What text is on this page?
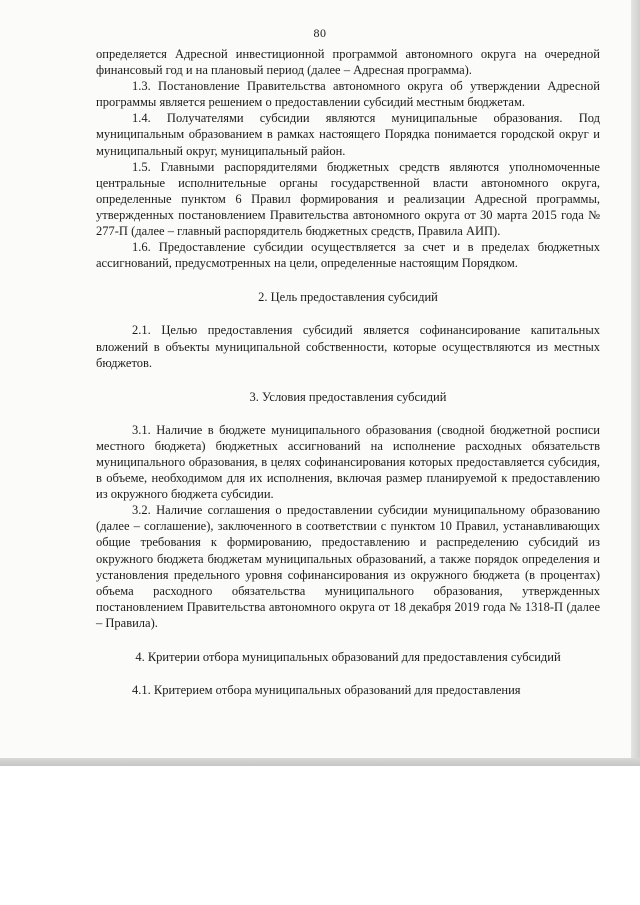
80

определяется Адресной инвестиционной программой автономного округа на очередной финансовый год и на плановый период (далее – Адресная программа).

1.3. Постановление Правительства автономного округа об утверждении Адресной программы является решением о предоставлении субсидий местным бюджетам.

1.4. Получателями субсидии являются муниципальные образования. Под муниципальным образованием в рамках настоящего Порядка понимается городской округ и муниципальный округ, муниципальный район.

1.5. Главными распорядителями бюджетных средств являются уполномоченные центральные исполнительные органы государственной власти автономного округа, определенные пунктом 6 Правил формирования и реализации Адресной программы, утвержденных постановлением Правительства автономного округа от 30 марта 2015 года № 277-П (далее – главный распорядитель бюджетных средств, Правила АИП).

1.6. Предоставление субсидии осуществляется за счет и в пределах бюджетных ассигнований, предусмотренных на цели, определенные настоящим Порядком.

2. Цель предоставления субсидий

2.1. Целью предоставления субсидий является софинансирование капитальных вложений в объекты муниципальной собственности, которые осуществляются из местных бюджетов.

3. Условия предоставления субсидий

3.1. Наличие в бюджете муниципального образования (сводной бюджетной росписи местного бюджета) бюджетных ассигнований на исполнение расходных обязательств муниципального образования, в целях софинансирования которых предоставляется субсидия, в объеме, необходимом для их исполнения, включая размер планируемой к предоставлению из окружного бюджета субсидии.

3.2. Наличие соглашения о предоставлении субсидии муниципальному образованию (далее – соглашение), заключенного в соответствии с пунктом 10 Правил, устанавливающих общие требования к формированию, предоставлению и распределению субсидий из окружного бюджета бюджетам муниципальных образований, а также порядок определения и установления предельного уровня софинансирования из окружного бюджета (в процентах) объема расходного обязательства муниципального образования, утвержденных постановлением Правительства автономного округа от 18 декабря 2019 года № 1318-П (далее – Правила).

4. Критерии отбора муниципальных образований для предоставления субсидий

4.1. Критерием отбора муниципальных образований для предоставления
